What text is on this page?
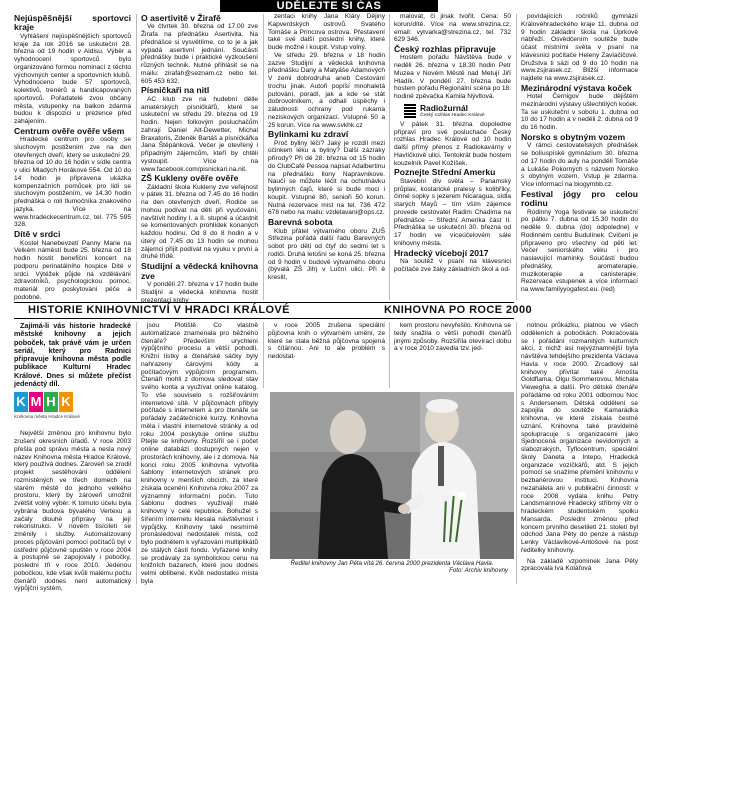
UDĚLEJTE SI ČAS
Nejúspěšnější sportovci kraje

Vyhlášení nejúspěšnějších sportovců kraje za rok 2016 se uskuteční 28. března od 19 hodin v Aldisu. Výběr a vyhodnocení sportovců bylo organizováno formou nominací z těchto výchovných center a sportovních klubů. Vyhodnoceno bude 57 sportovců, kolektivů, trenérů a handicapovaných sportovců. Pořadatelé zvou občany města, vstupenky na balkon zdarma budou k dispozici u prezence před zahájením.

Centrum ověře ověře všem

Hradecké centrum pro osoby se sluchovým postižením zve na den otevřených dveří, který se uskuteční 29. března od 10 do 16 hodin v sídle centra v ulici Mladých Horákové 554. Od 10 do 14 hodin je připravena ukázka kompenzačních pomůcek pro lidi se sluchovým postižením, ve 14.30 hodin přednáška o roli tlumočníka znakového jazyka. Více na www.hradeckecentrum.cz, tel. 775 595 328.

Dítě v srdci

Kostel Nanebevzetí Panny Marie na Velkém náměstí bude 25. března od 18 hodin hostit benefiční koncert na podporu perinatálního hospice Dítě v srdci. Výtěžek půjde na vzdělávání zdravotníků, psychologickou pomoc, materiál pro poskytování péče a podobné.

O asertivitě v Žirafě

Ve čtvrtek 30. března od 17.00 zve Žirafa na přednášku Asertivita. Na přednášce si vysvětlíme, co to je a jak vypadá asertivní jednání. Součástí přednášky bude i praktické vyzkoušení různých technik. Nutné přihlásit se na mailu: zirafah@seznam.cz nebo tel. 605 453 632.

Písničkaři na nitl

AC klub zve na hudební dělle amatérských písničkářů, které se uskuteční ve středu 29. března od 19 hodin. Nejen folkovým posluchačům zahrají Daniel Alt-Dewetter, Michal Braxatoris, Zdeněk Bartáš a písničkářka Jana Štěpánková. Večer je otevřený i případným zájemcům, kteří by chtěli vystoupit. Více na www.facebook.com/pisnickari.na.nit.

ZŠ Kukleny ověře ověře

Základní škola Kukleny zve veřejnost v pátek 31. března od 7.45 do 16 hodin na den otevřených dveří. Rodiče se mohou podívat na děti při vyučování, navštívit hodiny I. a II. stupně a účastnit se komentovaných prohlídek konaných každou hodinu. Od 8 do 8 hodin a v úterý od 7.45 do 13 hodin se mohou zájemci přijít podívat na výuku v první a druhé třídě.

Studijní a vědecká knihovna zve

V pondělí 27. března v 17 hodin bude Studijní a vědecká knihovna hostit prezentaci knihy

zentaci knihy Jana Kláry Dějiny Kapverdských ostrovů. Svatého Tomáše a Princova ostrova. Přestavení také své další poslední knihy, které bude možné i koupit. Vstup volný.

Ve středu 29. března v 18 hodin zazve Studijní a vědecká knihovna přednášku Dany a Matyáše Adamových V zemi dobrodruha aneb Cestování trochu jinak. Autoři popíší mnohaletá putování, poradí, jak a kde se stát dobrovolníkem, a odhalí úspěchy i záludnosti ochrany pod rukama neziskových organizací. Vstupné 50 a 25 korun. Více na www.svkhk.cz

Bylinkami ku zdraví

Proč byliny léčí? Jaký je rozdíl mezi účinkem léku a byliny? Další zázraky přírody? Při dě 28. března od 15 hodin do ClubCafé Pessoa napsat Adalbertinu na přednášku Ilony Napravnikove. Naučí se můžete léčit na ochutnávku bylinných čajů, které si bude moci i koupit. Vstupné 80, senioři 50 korun. Nutná rezervace mist na tel. 736 472 678 nebo na mailu: vzdelavani@ops.cz.

Barevná sobota

Klub přátel výtvarného oboru ZUŠ Střezina pořádá další řadu Barevných sobot pro děti od čtyř do sedmi let s rodiči. Druhá letošní se koná 25. března od 9 hodin v budově výtvarného oboru (bývalá ZŠ Jih) v Luční ulici. Při ě kreslit,

malovat, či jinak tvořit. Cena: 50 korun/dítě. Více na www.strezina.cz, email: vytvarka@strezina.cz, tel. 732 629 346.

Český rozhlas připravuje

Hostem pořadu Návštěva bude v neděli 26. března v 18.30 hodin Petr Muzea v Novém Městě nad Metují Jiří Hladík. V pondělí 27. března bude hostem pořadu Regionální scéna po 18. hodině zpěvačka Kamila Nývltová.

Radiožurnál
Český rozhlas Hradec Králové

V pátek 31. března dopoledne připraví pro své posluchače Český rozhlas Hradec Králové od 10 hodin další přímý přenos z Radiokavárny v Havlíčkově ulici. Tentokrát bude hostem kouzelník Pavel Kožíšek.

Poznejte Střední Amerku

Stavební dív světa – Panamský průplav, kostarické pralesy s kolibříky, činné sopky s jezerem Nicaragua, sídla starých Mayů – tím vším zájemce provede cestovatel Radim Chadima na přednášce – Střední Amerika část II. Přednáška se uskuteční 30. března od 17 hodin ve víceúčelovém sále knihovny města.

Hradecký vícebojí 2017

Na soutěž v psaní na klávesnici počítače zve žáky základních škol a od-

povídajících ročníků gymnázií Královéhradeckého kraje 11. dubna od 9 hodin základní škola na Úprkově nábřeží. Osvědčením soutěže bude účast místními světa v psaní na klávesnici počítače Heleny Zaviačičové. Družstva ti sázi od 9 do 10 hodin na www.zsjirasek.cz. Bližší informace najdete na www.zsjirasek.cz.

Mezinárodní výstava koček

Hotel Černigov bude dějištěm mezinárodní výstavy ušlechtilých koček. Ta se uskuteční v sobotu 1. dubna od 10 do 17 hodin a v neděli 2. dubna od 9 do 16 hodin.

Norsko s obytným vozem

V rámci cestovatelských přednášek se bolíuspíské gymnázium 30. března od 17 hodin do auly na pondělí Tomáše a Lukáše Pokorných s názvem Norsko s obytným vozem. Vstup je zdarma. Více informací na biogymbb.cz.

Festival jógy pro celou rodinu

Rodinný Yoga festivale se uskuteční po pátku 7. dubna od 15.30 hodin do neděle 9. dubna (do) odpoledne) v Rodinném centru Budulínek. Cvičení je připraveno pro všechny od pěti let. Večer seniorského věku i pro naslavující maminky. Součástí budou přednášky, aromaterapie, muzikoterapie a canisterapie. Rezervace vstupenek a více informací na www.familyyogafest.eu. (red)

HISTORIE KNIHOVNICTVÍ V HRADCI KRÁLOVÉ	KNIHOVNA PO ROCE 2000

Zajímá-li vás historie hradecké městské knihovny a jejich poboček, tak právě vám je určen seriál, který pro Radnici připravuje knihovna města podle publikace Kulturní Hradec Králové. Dnes si můžete přečíst jedenáctý díl.

K M H K
Knihovna města Hradce Králové

Největší změnou pro knihovnu bylo zrušení okresních úřadů. V roce 2003 přešla pod správu města a nesla nový název Knihovna města Hradce Králové, který používá dodnes. Zároveň se zrodil projekt sestěhování oddělení rozmístěných ve třech domech na starém městě do jednoho velkého prostoru, který by zároveň umožnil zvětšit volný výběr. K tomuto účelu byla vybrána budova bývalého Vertexu a začaly dlouhé přípravy na její rekonstrukci. V novém tisíciletí se změnily i služby. Automatizovaný proces půjčování pomocí počítačů byl v ústřední půjčovně spuštěn v roce 2004 a postupně se zapojovaly i pobočky, poslední tři v roce 2010. Jedenou pobočkou, kde však kvůli malému počtu čtenářů dodnes není automatický výpůjční systém,

jsou Plotiště. Co vlastně automatizace znamenala pro běžného čtenáře? Především urychlení výpůjčního procesu a větší pohodlí. Knižní lístky a čtenářské sáčky byly nahrazeny čárovými kódy a počítačovým výpůjčním programem. Čtenáři mohli z domova sledovat stav svého konta a využívat online katalog. To vše souviselo s rozšiřováním internetové sítě. V půjčovnách přibyly počítače s internetem a pro čtenáře se pořádaly začátečnické kurzy. Knihovna měla i vlastní internetové stránky a od roku 2004 poskytuje online službu Ptejte se knihovny. Rozšířil se i počet online databází dostupných nejen v prostorách knihovny, ale i z domova. Na konci roku 2005 knihovna vytvořila šablony internetových stránek pro knihovny v menších obcích, za které získala ocenění Knihovna roku 2007 za významný informační počin. Tuto šablonu dodnes využívají malé knihovny v celé republice. Bohužel s šířením internetu klesala návštěvnost i výpůjčky. Knihovny také nesmírně pronásledoval nedostatek místa, což bylo podnětem k vyřazování multiplikátů ze stálých částí fondu. Vyřazené knihy se prodávaly za symbolickou cenu na knižních bazarech, které jsou dodnes velmi oblíbené. Kvůli nedostatku místa byla

v roce 2005 zrušena speciální půjčovna knih o výtvarném umění, ze které se stala běžná půjčovna spojená s čítárnou. Ani to ale problém s nedostat-

kem prostoru nevyřešilo. Knihovna se tedy snažila o větší pohodlí čtenářů jinými způsoby. Rozšířila otevírací dobu a v roce 2010 zavedla tzv. jed-

notnou průkazku, platnou ve všech odděleních a pobočkách. Pokračovala se i pořádání rozmanitých kulturních akcí, z nichž asi nejvýznamnější byla návštěva tehdejšího prezidenta Václava Havla v roce 2000. Zrcadlový sál knihovny přivítal také Arnošta Goldflama, Olgu Sommerovou, Michala Viewegha a další. Pro dětské čtenáře pořádáme od roku 2001 odbornou Noc s Andersenem. Dětská oddělení se zapojila do soutěže Kamarádka knihovna, ve které získala čestné uznání. Knihovna také pravidelně spolupracuje s organizacemi jako Sjednocená organizace nevidomých a slabozrakých, Tyflocentrum, speciální školy Daneta a Intepo, Hradecká organizace vozíčkářů, atd. S jejich pomocí se snažíme přemění knihovnu v bezbariérovou instituci. Knihovna nezahálela ani v publikační činnosti: v roce 2008 vydala knihu Petry Landsmannové Hradecký stříbrný vítr o hradeckém studentském spolku Mansarda. Poslední změnou před koncem prvního desetiletí 21. století byl odchod Jana Pěty do penze a nástup Lenky Václavíkové-Antošové na post ředitelky knihovny.

Na základě vzpomínek Jana Pěty zpracovala Iva Kolářová

Ředitel knihovny Jan Pěta vítá 26. června 2000 prezidenta Václava Havla.
Foto: Archiv knihovny
